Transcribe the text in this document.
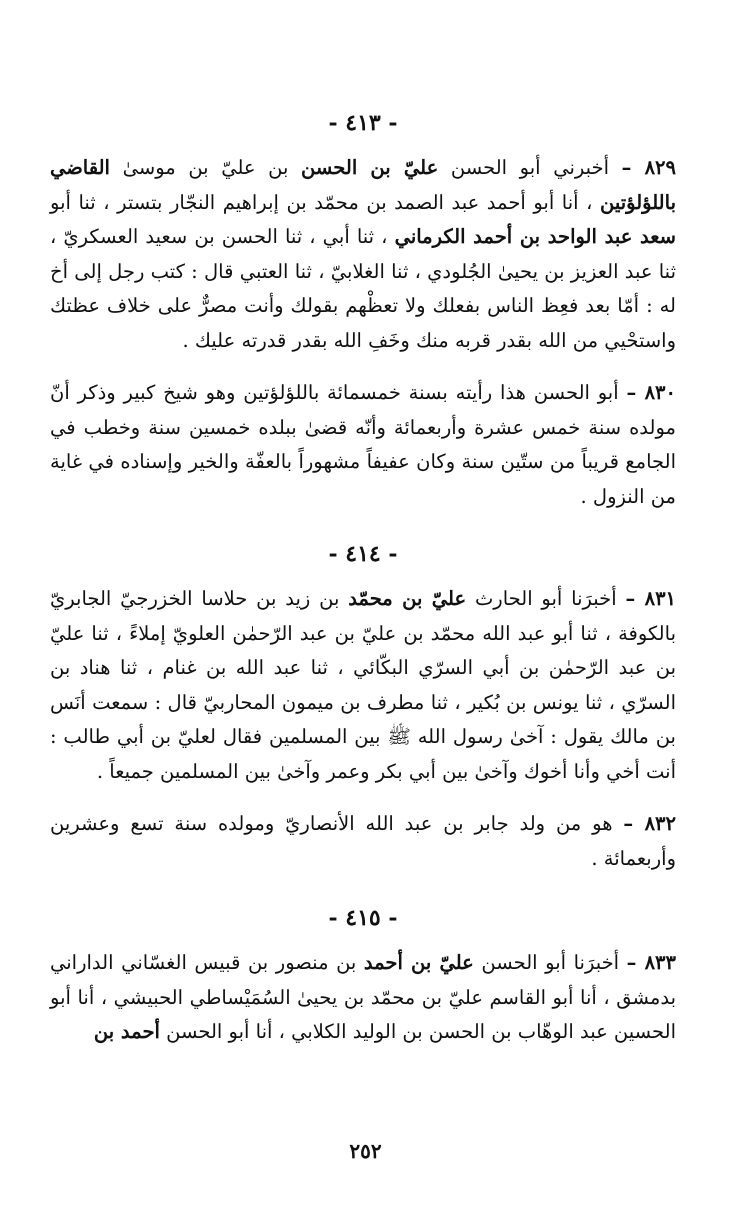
- ٤١٣ -
٨٢٩ – أخبرني أبو الحسن عليّ بن الحسن بن عليّ بن موسىٰ القاضي باللؤلؤتين ، أنا أبو أحمد عبد الصمد بن محمّد بن إبراهيم النجّار بتستر ، ثنا أبو سعد عبد الواحد بن أحمد الكرماني ، ثنا أبي ، ثنا الحسن بن سعيد العسكريّ ، ثنا عبد العزيز بن يحيىٰ الجُلودي ، ثنا الغلابيّ ، ثنا العتبي قال : كتب رجل إلى أخ له : أمّا بعد فعِظ الناس بفعلك ولا تعظْهم بقولك وأنت مصرٌّ على خلاف عظتك واستحْيي من الله بقدر قربه منك وخَفِ الله بقدر قدرته عليك .
٨٣٠ – أبو الحسن هذا رأيته بسنة خمسمائة باللؤلؤتين وهو شيخ كبير وذكر أنّ مولده سنة خمس عشرة وأربعمائة وأنّه قضىٰ ببلده خمسين سنة وخطب في الجامع قريباً من ستّين سنة وكان عفيفاً مشهوراً بالعفّة والخير وإسناده في غاية من النزول .
- ٤١٤ -
٨٣١ – أخبرَنا أبو الحارث عليّ بن محمّد بن زيد بن حلاسا الخزرجيّ الجابريّ بالكوفة ، ثنا أبو عبد الله محمّد بن عليّ بن عبد الرّحمٰن العلويّ إملاءً ، ثنا عليّ بن عبد الرّحمٰن بن أبي السرّي البكّائي ، ثنا عبد الله بن غنام ، ثنا هناد بن السرّي ، ثنا يونس بن بُكير ، ثنا مطرف بن ميمون المحاربيّ قال : سمعت أنَس بن مالك يقول : آخىٰ رسول الله ﷺ بين المسلمين فقال لعليّ بن أبي طالب : أنت أخي وأنا أخوك وآخىٰ بين أبي بكر وعمر وآخىٰ بين المسلمين جميعاً .
٨٣٢ – هو من ولد جابر بن عبد الله الأنصاريّ ومولده سنة تسع وعشرين وأربعمائة .
- ٤١٥ -
٨٣٣ – أخبرَنا أبو الحسن عليّ بن أحمد بن منصور بن قبيس الغسّاني الداراني بدمشق ، أنا أبو القاسم عليّ بن محمّد بن يحيىٰ السُمَيْساطي الحبيشي ، أنا أبو الحسين عبد الوهّاب بن الحسن بن الوليد الكلابي ، أنا أبو الحسن أحمد بن
٢٥٢
